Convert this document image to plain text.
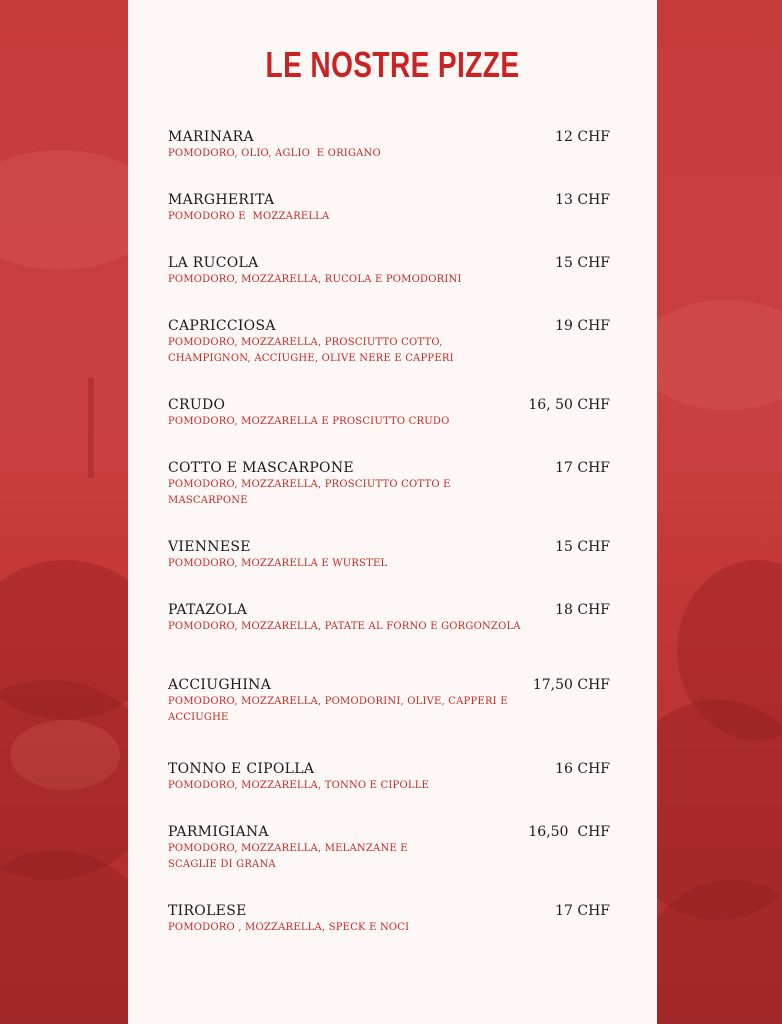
LE NOSTRE PIZZE
MARINARA	12 CHF
POMODORO, OLIO, AGLIO  E ORIGANO
MARGHERITA	13 CHF
POMODORO E  MOZZARELLA
LA RUCOLA	15 CHF
POMODORO, MOZZARELLA, RUCOLA E POMODORINI
CAPRICCIOSA	19 CHF
POMODORO, MOZZARELLA, PROSCIUTTO COTTO,
CHAMPIGNON, ACCIUGHE, OLIVE NERE E CAPPERI
CRUDO	16, 50 CHF
POMODORO, MOZZARELLA E PROSCIUTTO CRUDO
COTTO E MASCARPONE	17 CHF
POMODORO, MOZZARELLA, PROSCIUTTO COTTO E
MASCARPONE
VIENNESE	15 CHF
POMODORO, MOZZARELLA E WURSTEL
PATAZOLA	18 CHF
POMODORO, MOZZARELLA, PATATE AL FORNO E GORGONZOLA
ACCIUGHINA	17,50 CHF
POMODORO, MOZZARELLA, POMODORINI, OLIVE, CAPPERI E
ACCIUGHE
TONNO E CIPOLLA	16 CHF
POMODORO, MOZZARELLA, TONNO E CIPOLLE
PARMIGIANA	16,50  CHF
POMODORO, MOZZARELLA, MELANZANE E
SCAGLIE DI GRANA
TIROLESE	17 CHF
POMODORO , MOZZARELLA, SPECK E NOCI
